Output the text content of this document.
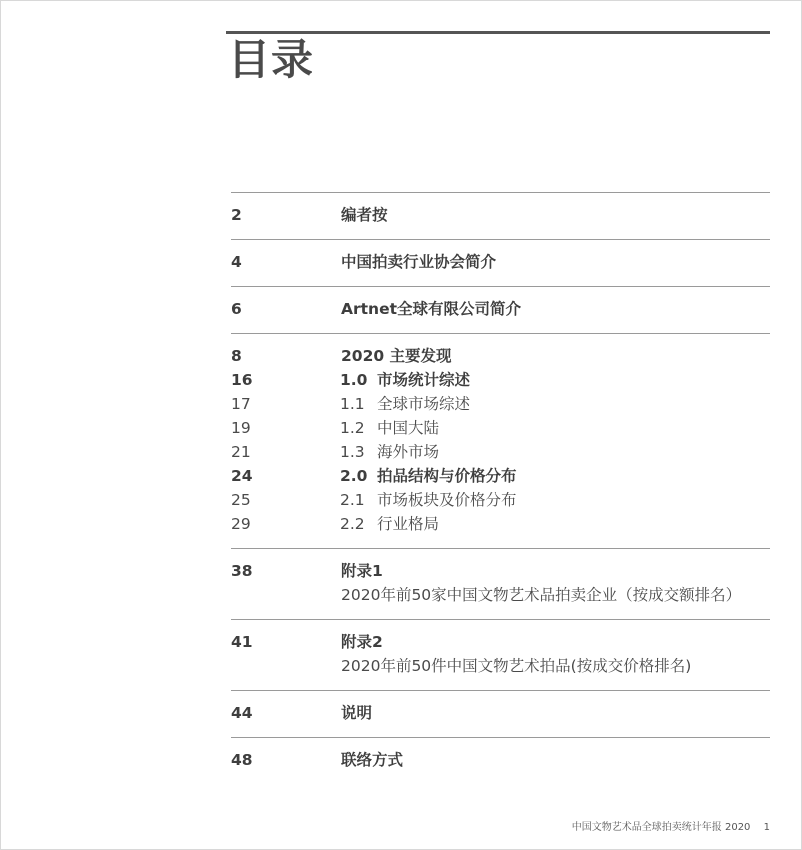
目录
2	编者按
4	中国拍卖行业协会简介
6	Artnet全球有限公司简介
8	2020 主要发现
16	1.0 市场统计综述
17	1.1 全球市场综述
19	1.2 中国大陆
21	1.3 海外市场
24	2.0 拍品结构与价格分布
25	2.1 市场板块及价格分布
29	2.2 行业格局
38	附录1
2020年前50家中国文物艺术品拍卖企业（按成交额排名）
41	附录2
2020年前50件中国文物艺术拍品(按成交价格排名)
44	说明
48	联络方式
中国文物艺术品全球拍卖统计年报 2020 1
